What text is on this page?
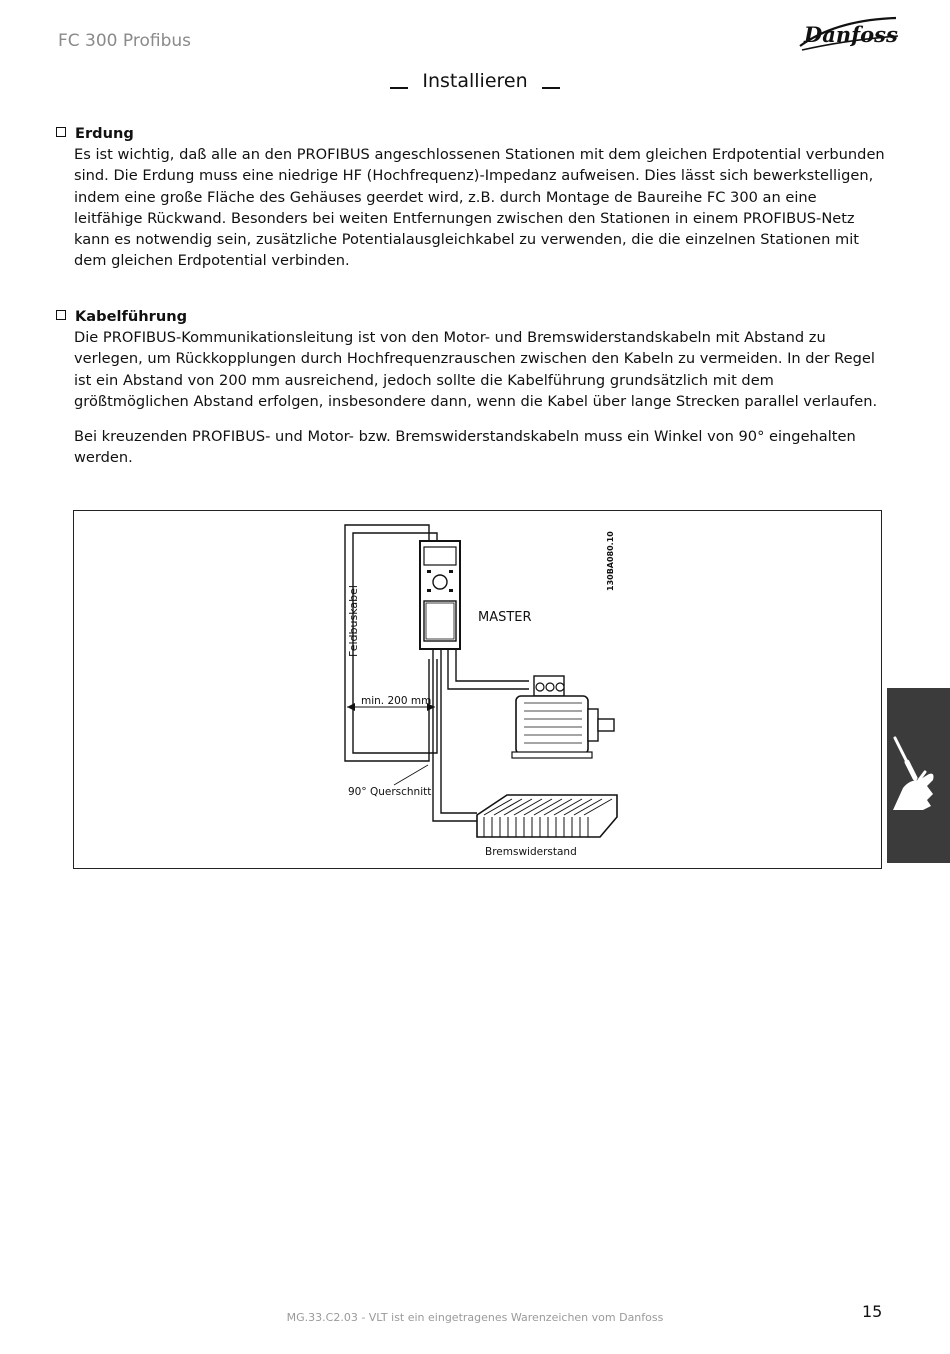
FC 300 Profibus	Danfoss
Installieren
Erdung

Es ist wichtig, daß alle an den PROFIBUS angeschlossenen Stationen mit dem gleichen Erdpotential verbunden sind. Die Erdung muss eine niedrige HF (Hochfrequenz)-Impedanz aufweisen. Dies lässt sich bewerkstelligen, indem eine große Fläche des Gehäuses geerdet wird, z.B. durch Montage de Baureihe FC 300 an eine leitfähige Rückwand. Besonders bei weiten Entfernungen zwischen den Stationen in einem PROFIBUS-Netz kann es notwendig sein, zusätzliche Potentialausgleichkabel zu verwenden, die die einzelnen Stationen mit dem gleichen Erdpotential verbinden.

Kabelführung

Die PROFIBUS-Kommunikationsleitung ist von den Motor- und Bremswiderstandskabeln mit Abstand zu verlegen, um Rückkopplungen durch Hochfrequenzrauschen zwischen den Kabeln zu vermeiden. In der Regel ist ein Abstand von 200 mm ausreichend, jedoch sollte die Kabelführung grundsätzlich mit dem größtmöglichen Abstand erfolgen, insbesondere dann, wenn die Kabel über lange Strecken parallel verlaufen.

Bei kreuzenden PROFIBUS- und Motor- bzw. Bremswiderstandskabeln muss ein Winkel von 90° eingehalten werden.

Feldbuskabel	MASTER
min. 200 mm
90° Querschnitt
Bremswiderstand
130BA080.10
MG.33.C2.03 - VLT ist ein eingetragenes Warenzeichen vom Danfoss	15
